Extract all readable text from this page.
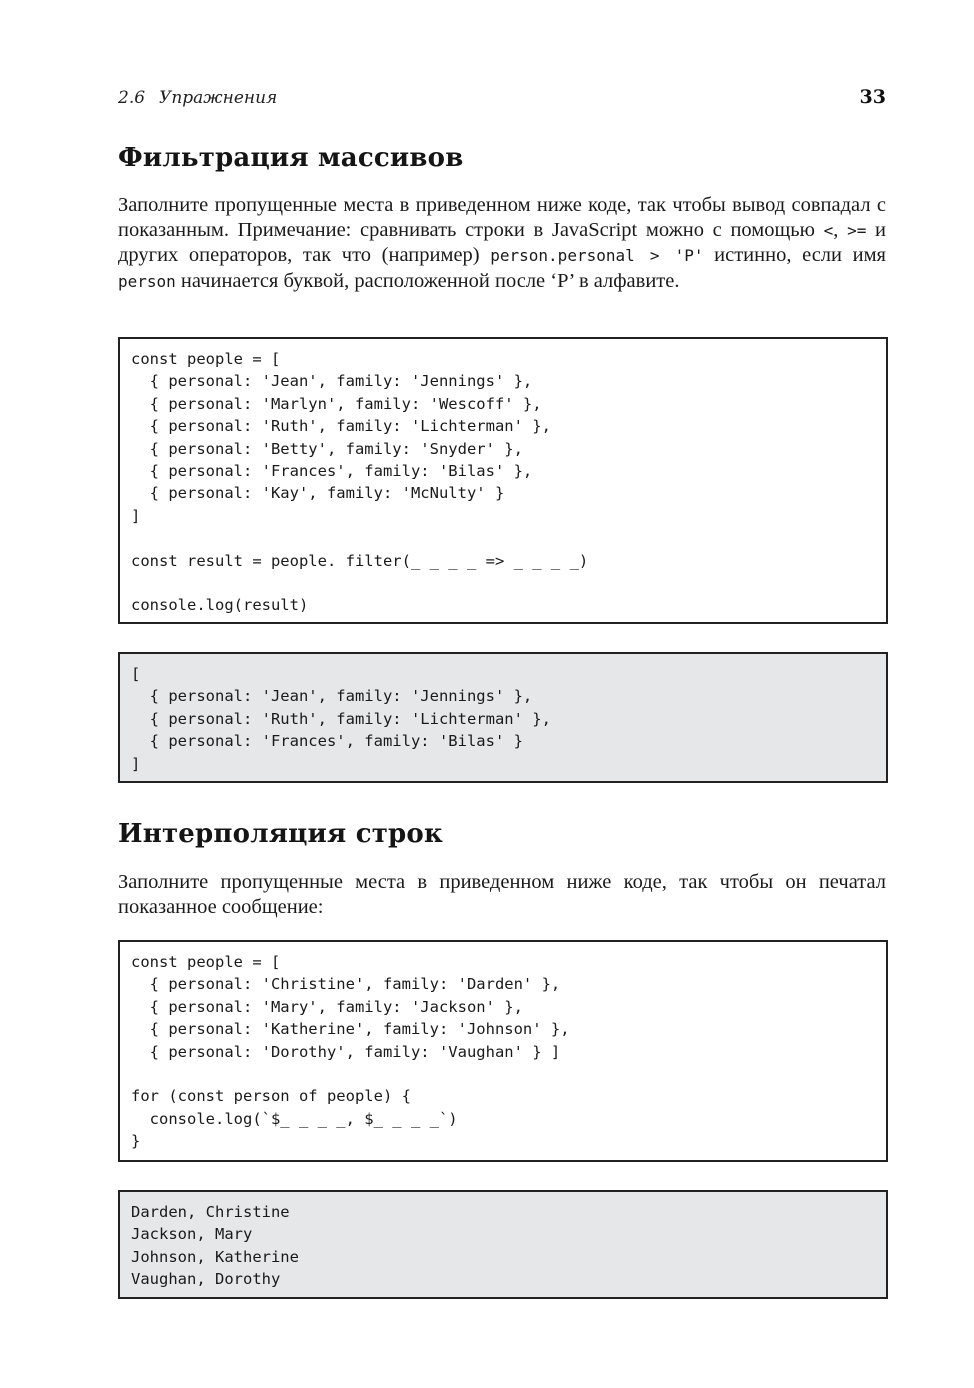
2.6 Упражнения	33
Фильтрация массивов

Заполните пропущенные места в приведенном ниже коде, так чтобы вывод совпадал с показанным. Примечание: сравнивать строки в JavaScript можно с помощью <, >= и других операторов, так что (например) person.personal > 'P' истинно, если имя person начинается буквой, расположенной после ‘P’ в алфавите.

const people = [
{ personal: 'Jean', family: 'Jennings' },
{ personal: 'Marlyn', family: 'Wescoff' },
{ personal: 'Ruth', family: 'Lichterman' },
{ personal: 'Betty', family: 'Snyder' },
{ personal: 'Frances', family: 'Bilas' },
{ personal: 'Kay', family: 'McNulty' }
]

const result = people. filter(_ _ _ _ => _ _ _ _)

console.log(result)
[
{ personal: 'Jean', family: 'Jennings' },
{ personal: 'Ruth', family: 'Lichterman' },
{ personal: 'Frances', family: 'Bilas' }
]
Интерполяция строк

Заполните пропущенные места в приведенном ниже коде, так чтобы он печатал показанное сообщение:

const people = [
{ personal: 'Christine', family: 'Darden' },
{ personal: 'Mary', family: 'Jackson' },
{ personal: 'Katherine', family: 'Johnson' },
{ personal: 'Dorothy', family: 'Vaughan' } ]

for (const person of people) {
console.log(`$_ _ _ _, $_ _ _ _`)
}
Darden, Christine
Jackson, Mary
Johnson, Katherine
Vaughan, Dorothy
